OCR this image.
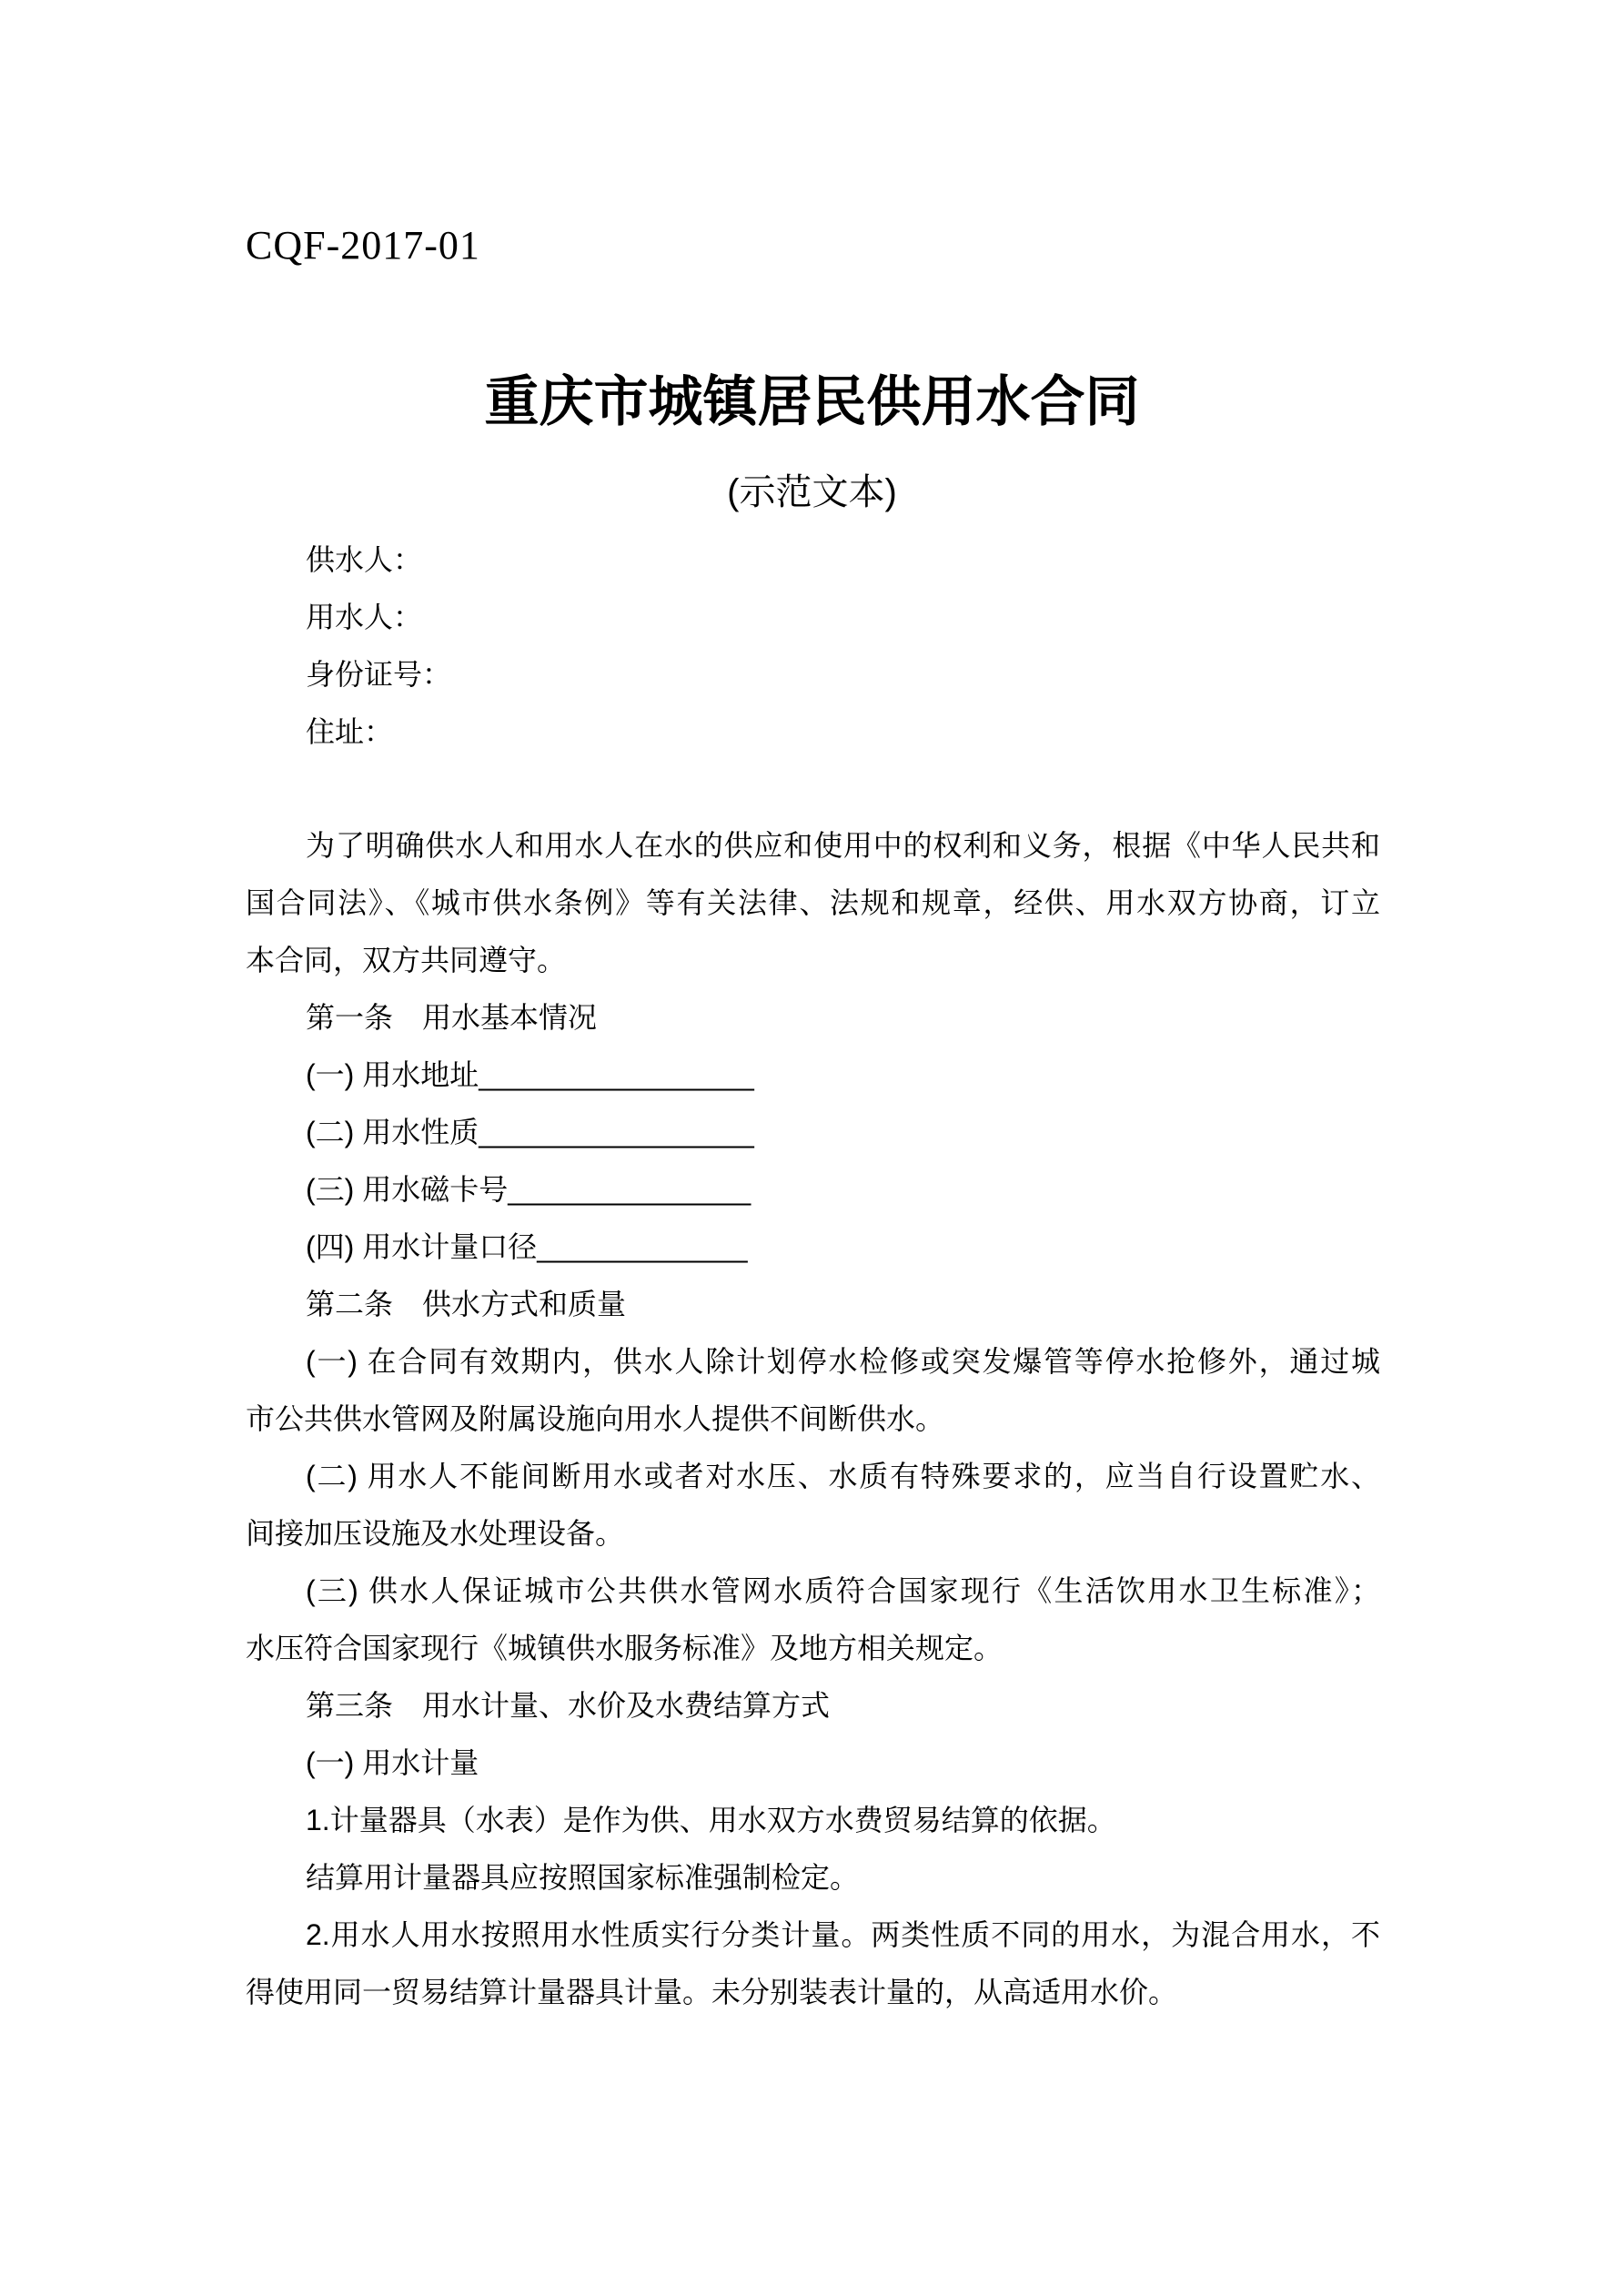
CQF-2017-01
重庆市城镇居民供用水合同
(示范文本)
供水人：
用水人：
身份证号：
住址：
为了明确供水人和用水人在水的供应和使用中的权利和义务，根据《中华人民共和
国合同法》、《城市供水条例》等有关法律、法规和规章，经供、用水双方协商，订立
本合同，双方共同遵守。
第一条　用水基本情况
(一) 用水地址_________________
(二) 用水性质_________________
(三) 用水磁卡号_______________
(四) 用水计量口径_____________
第二条　供水方式和质量
(一) 在合同有效期内，供水人除计划停水检修或突发爆管等停水抢修外，通过城
市公共供水管网及附属设施向用水人提供不间断供水。
(二) 用水人不能间断用水或者对水压、水质有特殊要求的，应当自行设置贮水、
间接加压设施及水处理设备。
(三) 供水人保证城市公共供水管网水质符合国家现行《生活饮用水卫生标准》；
水压符合国家现行《城镇供水服务标准》及地方相关规定。
第三条　用水计量、水价及水费结算方式
(一) 用水计量
1.计量器具（水表）是作为供、用水双方水费贸易结算的依据。
结算用计量器具应按照国家标准强制检定。
2.用水人用水按照用水性质实行分类计量。两类性质不同的用水，为混合用水，不
得使用同一贸易结算计量器具计量。未分别装表计量的，从高适用水价。
